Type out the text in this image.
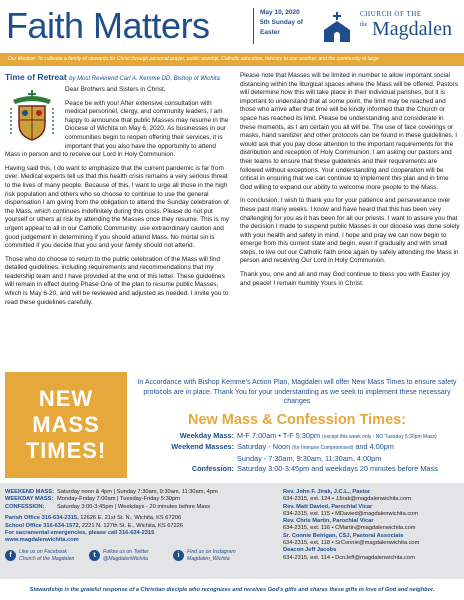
Faith Matters	May 10, 2020
5th Sunday of Easter
CHURCH OF THE
the Magdalen
Our Mission: To cultivate a family of stewards for Christ through personal prayer, public worship, Catholic education, ministry to one another, and the community at large.
Time of Retreat by Most Reverend Carl A. Kemme DD, Bishop of Wichita

Dear Brothers and Sisters in Christ,

Peace be with you! After extensive consultation with medical personnel, clergy, and community leaders, I am happy to announce that public Masses may resume in the Diocese of Wichita on May 6, 2020. As businesses in our communities begin to reopen offering their services, it is important that you also have the opportunity to attend Mass in person and to receive our Lord in Holy Communion.

Having said this, I do want to emphasize that the current pandemic is far from over. Medical experts tell us that this health crisis remains a very serious threat to the lives of many people. Because of this, I want to urge all those in the high risk population and others who so choose to continue to use the general dispensation I am giving from the obligation to attend the Sunday celebration of the Mass, which continues indefinitely during this crisis. Please do not put yourself or others at risk by attending the Masses once they resume. This is my urgent appeal to all in our Catholic Community: use extraordinary caution and good judgement in determining if you should attend Mass. No mortal sin is committed if you decide that you and your family should not attend.

Those who do choose to return to the public celebration of the Mass will find detailed guidelines, including requirements and recommendations that my leadership team and I have provided at the end of this letter. These guidelines will remain in effect during Phase One of the plan to resume public Masses, which is May 6-20, and will be reviewed and adjusted as needed. I invite you to read these guidelines carefully.

Please note that Masses will be limited in number to allow important social distancing within the liturgical spaces where the Mass will be offered. Pastors will determine how this will take place in their individual parishes, but it is important to understand that at some point, the limit may be reached and those who arrive after that time will be kindly informed that the Church or space has reached its limit. Please be understanding and considerate in these moments, as I am certain you all will be. The use of face coverings or masks, hand sanitizer and other protocols can be found in these guidelines. I would ask that you pay close attention to the important requirements for the distribution and reception of Holy Communion. I am asking our pastors and their teams to ensure that these guidelines and their requirements are followed without exceptions. Your understanding and cooperation will be critical in ensuring that we can continue to implement this plan and in time God willing to expand our ability to welcome more people to the Mass.

In conclusion, I wish to thank you for your patience and perseverance over these past many weeks. I know and have heard that this has been very challenging for you as it has been for all our priests. I want to assure you that the decision I made to suspend public Masses in our diocese was done solely with your health and safety in mind. I hope and pray we can now begin to emerge from this current state and begin, even if gradually and with small steps, to live out our Catholic faith once again by safely attending the Mass in person and receiving Our Lord in Holy Communion.

Thank you, one and all and may God continue to bless you with Easter joy and peace! I remain humbly Yours in Christ.

NEW
MASS
TIMES!
In Accordance with Bishop Kemme's Action Plan, Magdalen will offer New Mass Times to ensure safety protocols are in place. Thank You for your understanding as we seek to implement these necessary changes
New Mass & Confession Times:
Weekday Mass: M-F 7:00am • T-F 5:30pm (except this week only - NO Tuesday 5:30pm Mass)
Weekend Masses: Saturday - Noon (for Immune Compromised) and 4:00pm
Sunday - 7:30am, 9:30am, 11:30am, 4:00pm
Confession: Saturday 3:00-3:45pm and weekdays 20 minutes before Mass
WEEKEND MASS: Saturday noon & 4pm | Sunday 7:30am, 9:30am, 11:30am, 4pm
WEEKDAY MASS: Monday-Friday 7:00am | Tuesday-Friday 5:30pm
CONFESSION: Saturday 3:00-3:45pm | Weekdays - 20 minutes before Mass
Parish Office 316-634-2315, 12626 E. 21st St. N., Wichita, KS 67206
School Office 316-634-1572, 2221 N. 127th St. E., Wichita, KS 67226
For sacramental emergencies, please call 316-634-2315
www.magdalenwichita.com
f	Like us on Facebook Church of the Magdalen	t	Follow us on Twitter @MagdalenWichita	i	Find us on Instagram Magdalen_Wichita
Rev. John F. Jirak, J.C.L., Pastor
634-2315, ext. 124 • JJirak@magdalenwichita.com
Rev. Matt Davied, Parochial Vicar
634-2315, ext. 115 • MDavied@magdalenwichita.com
Rev. Chris Martin, Parochial Vicar
634-2315, ext. 116 • CMartin@magdalenwichita.com
Sr. Connie Beirigan, CSJ, Pastoral Associate
634-2315, ext. 118 • SrConnie@magdalenwichita.com
Deacon Jeff Jacobs
634-2315, ext. 114 • DcnJeff@magdalenwichita.com
Stewardship is the grateful response of a Christian disciple who recognizes and receives God's gifts and shares these gifts in love of God and neighbor.
